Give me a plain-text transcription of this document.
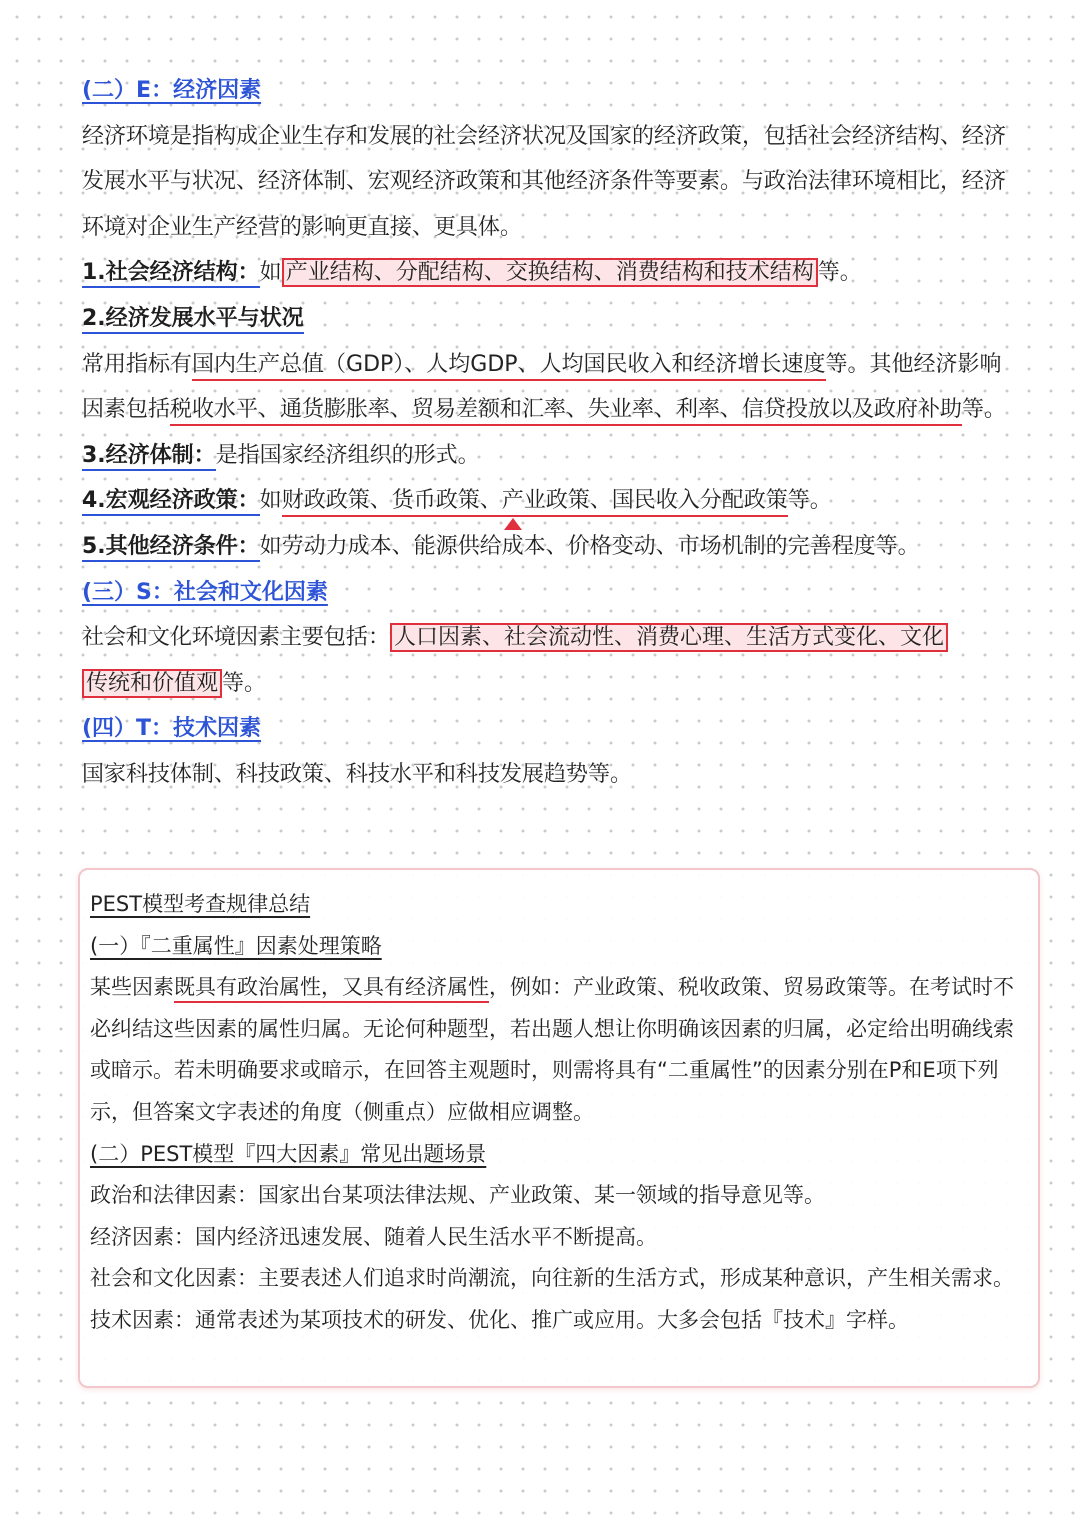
(二）E：经济因素

经济环境是指构成企业生存和发展的社会经济状况及国家的经济政策，包括社会经济结构、经济发展水平与状况、经济体制、宏观经济政策和其他经济条件等要素。与政治法律环境相比，经济环境对企业生产经营的影响更直接、更具体。

1.社会经济结构：如 产业结构、分配结构、交换结构、消费结构和技术结构 等。

2.经济发展水平与状况

常用指标有国内生产总值（GDP）、人均GDP、人均国民收入和经济增长速度等。其他经济影响因素包括税收水平、通货膨胀率、贸易差额和汇率、失业率、利率、信贷投放以及政府补助等。

3.经济体制：是指国家经济组织的形式。

4.宏观经济政策：如财政政策、货币政策、产业政策、国民收入分配政策等。

5.其他经济条件：如劳动力成本、能源供给成本、价格变动、市场机制的完善程度等。

(三）S：社会和文化因素

社会和文化环境因素主要包括： 人口因素、社会流动性、消费心理、生活方式变化、文化
传统和价值观 等。

(四）T：技术因素

国家科技体制、科技政策、科技水平和科技发展趋势等。

PEST模型考查规律总结

(一）『二重属性』因素处理策略

某些因素既具有政治属性，又具有经济属性，例如：产业政策、税收政策、贸易政策等。在考试时不必纠结这些因素的属性归属。无论何种题型，若出题人想让你明确该因素的归属，必定给出明确线索或暗示。若未明确要求或暗示，在回答主观题时，则需将具有“二重属性”的因素分别在P和E项下列示，但答案文字表述的角度（侧重点）应做相应调整。

(二）PEST模型『四大因素』常见出题场景

政治和法律因素：国家出台某项法律法规、产业政策、某一领域的指导意见等。

经济因素：国内经济迅速发展、随着人民生活水平不断提高。

社会和文化因素：主要表述人们追求时尚潮流，向往新的生活方式，形成某种意识，产生相关需求。

技术因素：通常表述为某项技术的研发、优化、推广或应用。大多会包括『技术』字样。
